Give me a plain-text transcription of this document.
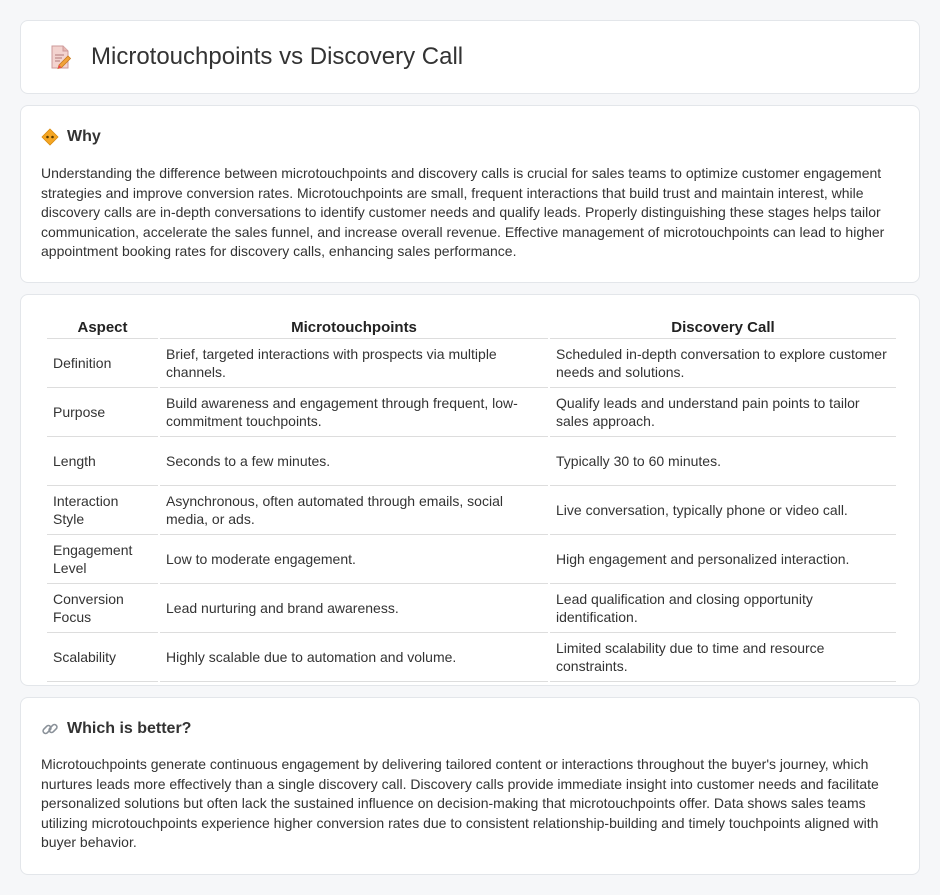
Microtouchpoints vs Discovery Call
Why

Understanding the difference between microtouchpoints and discovery calls is crucial for sales teams to optimize customer engagement strategies and improve conversion rates. Microtouchpoints are small, frequent interactions that build trust and maintain interest, while discovery calls are in-depth conversations to identify customer needs and qualify leads. Properly distinguishing these stages helps tailor communication, accelerate the sales funnel, and increase overall revenue. Effective management of microtouchpoints can lead to higher appointment booking rates for discovery calls, enhancing sales performance.

Aspect	Microtouchpoints	Discovery Call
Definition	Brief, targeted interactions with prospects via multiple channels.	Scheduled in-depth conversation to explore customer needs and solutions.
Purpose	Build awareness and engagement through frequent, low-commitment touchpoints.	Qualify leads and understand pain points to tailor sales approach.
Length	Seconds to a few minutes.	Typically 30 to 60 minutes.
Interaction Style	Asynchronous, often automated through emails, social media, or ads.	Live conversation, typically phone or video call.
Engagement Level	Low to moderate engagement.	High engagement and personalized interaction.
Conversion Focus	Lead nurturing and brand awareness.	Lead qualification and closing opportunity identification.
Scalability	Highly scalable due to automation and volume.	Limited scalability due to time and resource constraints.
Which is better?

Microtouchpoints generate continuous engagement by delivering tailored content or interactions throughout the buyer's journey, which nurtures leads more effectively than a single discovery call. Discovery calls provide immediate insight into customer needs and facilitate personalized solutions but often lack the sustained influence on decision-making that microtouchpoints offer. Data shows sales teams utilizing microtouchpoints experience higher conversion rates due to consistent relationship-building and timely touchpoints aligned with buyer behavior.
